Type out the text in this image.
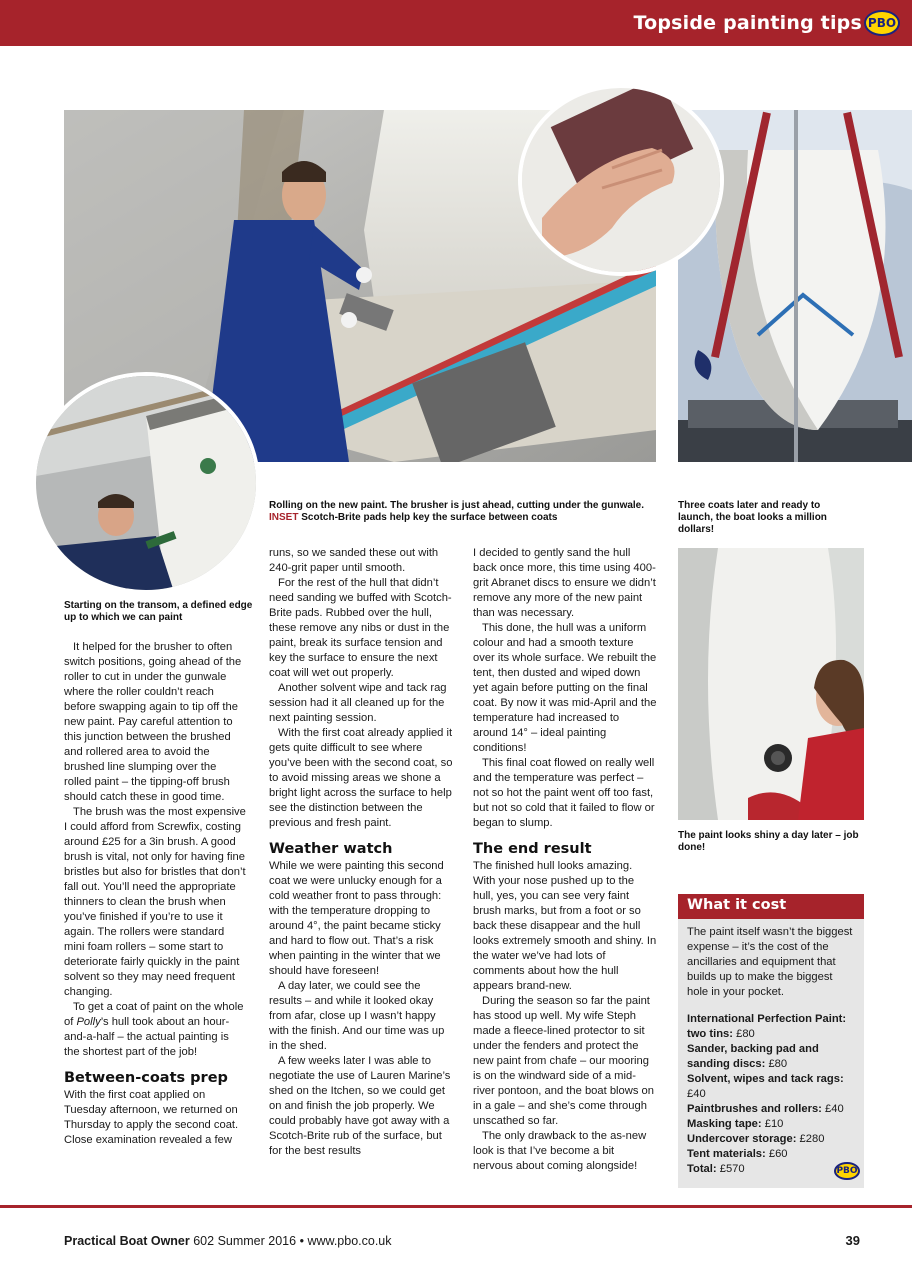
Topside painting tips PBO
Rolling on the new paint. The brusher is just ahead, cutting under the gunwale. INSET Scotch-Brite pads help key the surface between coats
Three coats later and ready to launch, the boat looks a million dollars!
Starting on the transom, a defined edge up to which we can paint
The paint looks shiny a day later – job done!

It helped for the brusher to often switch positions, going ahead of the roller to cut in under the gunwale where the roller couldn’t reach before swapping again to tip off the new paint. Pay careful attention to this junction between the brushed and rollered area to avoid the brushed line slumping over the rolled paint – the tipping-off brush should catch these in good time.

The brush was the most expensive I could afford from Screwfix, costing around £25 for a 3in brush. A good brush is vital, not only for having fine bristles but also for bristles that don’t fall out. You’ll need the appropriate thinners to clean the brush when you’ve finished if you’re to use it again. The rollers were standard mini foam rollers – some start to deteriorate fairly quickly in the paint solvent so they may need frequent changing.

To get a coat of paint on the whole of Polly’s hull took about an hour-and-a-half – the actual painting is the shortest part of the job!

Between-coats prep

With the first coat applied on Tuesday afternoon, we returned on Thursday to apply the second coat. Close examination revealed a few

runs, so we sanded these out with 240-grit paper until smooth.

For the rest of the hull that didn’t need sanding we buffed with Scotch-Brite pads. Rubbed over the hull, these remove any nibs or dust in the paint, break its surface tension and key the surface to ensure the next coat will wet out properly.

Another solvent wipe and tack rag session had it all cleaned up for the next painting session.

With the first coat already applied it gets quite difficult to see where you’ve been with the second coat, so to avoid missing areas we shone a bright light across the surface to help see the distinction between the previous and fresh paint.

Weather watch

While we were painting this second coat we were unlucky enough for a cold weather front to pass through: with the temperature dropping to around 4°, the paint became sticky and hard to flow out. That’s a risk when painting in the winter that we should have foreseen!

A day later, we could see the results – and while it looked okay from afar, close up I wasn’t happy with the finish. And our time was up in the shed.

A few weeks later I was able to negotiate the use of Lauren Marine’s shed on the Itchen, so we could get on and finish the job properly. We could probably have got away with a Scotch-Brite rub of the surface, but for the best results

I decided to gently sand the hull back once more, this time using 400-grit Abranet discs to ensure we didn’t remove any more of the new paint than was necessary.

This done, the hull was a uniform colour and had a smooth texture over its whole surface. We rebuilt the tent, then dusted and wiped down yet again before putting on the final coat. By now it was mid-April and the temperature had increased to around 14° – ideal painting conditions!

This final coat flowed on really well and the temperature was perfect – not so hot the paint went off too fast, but not so cold that it failed to flow or began to slump.

The end result

The finished hull looks amazing. With your nose pushed up to the hull, yes, you can see very faint brush marks, but from a foot or so back these disappear and the hull looks extremely smooth and shiny. In the water we’ve had lots of comments about how the hull appears brand-new.

During the season so far the paint has stood up well. My wife Steph made a fleece-lined protector to sit under the fenders and protect the new paint from chafe – our mooring is on the windward side of a mid-river pontoon, and the boat blows on in a gale – and she’s come through unscathed so far.

The only drawback to the as-new look is that I’ve become a bit nervous about coming alongside!

What it cost
The paint itself wasn’t the biggest expense – it’s the cost of the ancillaries and equipment that builds up to make the biggest hole in your pocket.
International Perfection Paint: two tins: £80
Sander, backing pad and sanding discs: £80
Solvent, wipes and tack rags: £40
Paintbrushes and rollers: £40
Masking tape: £10
Undercover storage: £280
Tent materials: £60
Total: £570	PBO
Practical Boat Owner 602 Summer 2016 • www.pbo.co.uk	39
